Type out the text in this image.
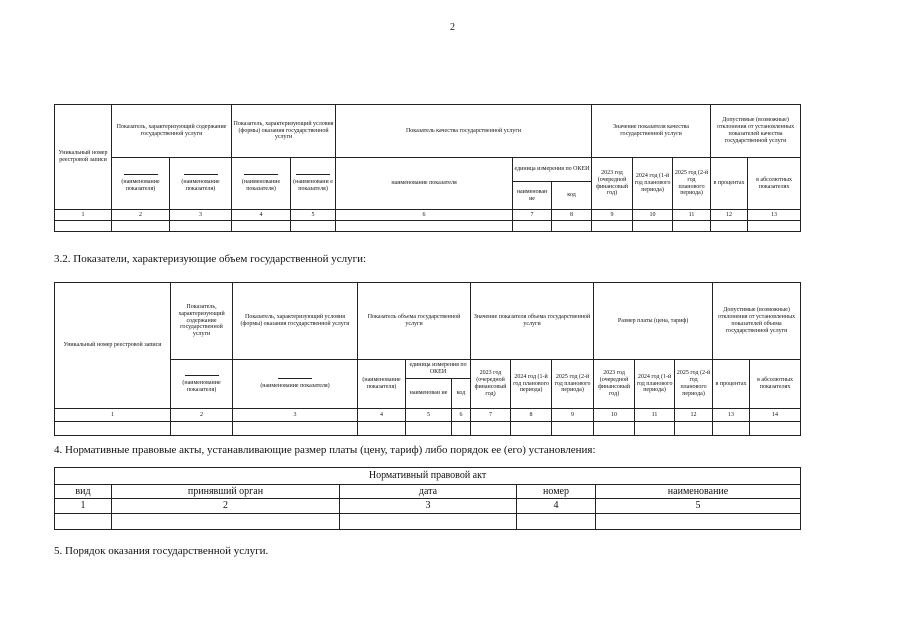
2
Уникальный номер реестровой записи	Показатель, характеризующий содержание государственной услуги		Показатель, характеризующий условия (формы) оказания государственной услуги		Показатель качества государственной услуги			Значение показателя качества государственной услуги			Допустимые (возможные) отклонения от установленных показателей качества государственной услуги	

(наименование показателя)	(наименование показателя)	(наименование показателя)	(наименовани е показателя)	наименование показателя	единица измерения по ОКЕИ		2023 год (очередной финансовый год)	2024 год (1-й год планового периода)	2025 год (2-й год планового периода)	в процентах	в абсолютных показателях
						наименован ие	код					
1	2	3	4	5	6	7	8	9	10	11	12	13

3.2. Показатели, характеризующие объем государственной услуги:
Уникальный номер реестровой записи	Показатель, характеризующий содержание государственной услуги	Показатель, характеризующий условия (формы) оказания государственной услуги	Показатель объема государственной услуги			Значение показателя объема государственной услуги			Размер платы (цена, тариф)			Допустимые (возможные) отклонения от установленных показателей объема государственной услуги	

(наименование показателя)	(наименование показателя)	(наименование показателя)	единица измерения по ОКЕИ		2023 год (очередной финансовый год)	2024 год (1-й год планового периода)	2025 год (2-й год планового периода)	2023 год (очередной финансовый год)	2024 год (1-й год планового периода)	2025 год (2-й год планового периода)	в процентах	в абсолютных показателях
				наименован ие	код								
1	2	3	4	5	6	7	8	9	10	11	12	13	14

4. Нормативные правовые акты, устанавливающие размер платы (цену, тариф) либо порядок ее (его) установления:
Нормативный правовой акт				
вид	принявший орган	дата	номер	наименование
1	2	3	4	5

5. Порядок оказания государственной услуги.
